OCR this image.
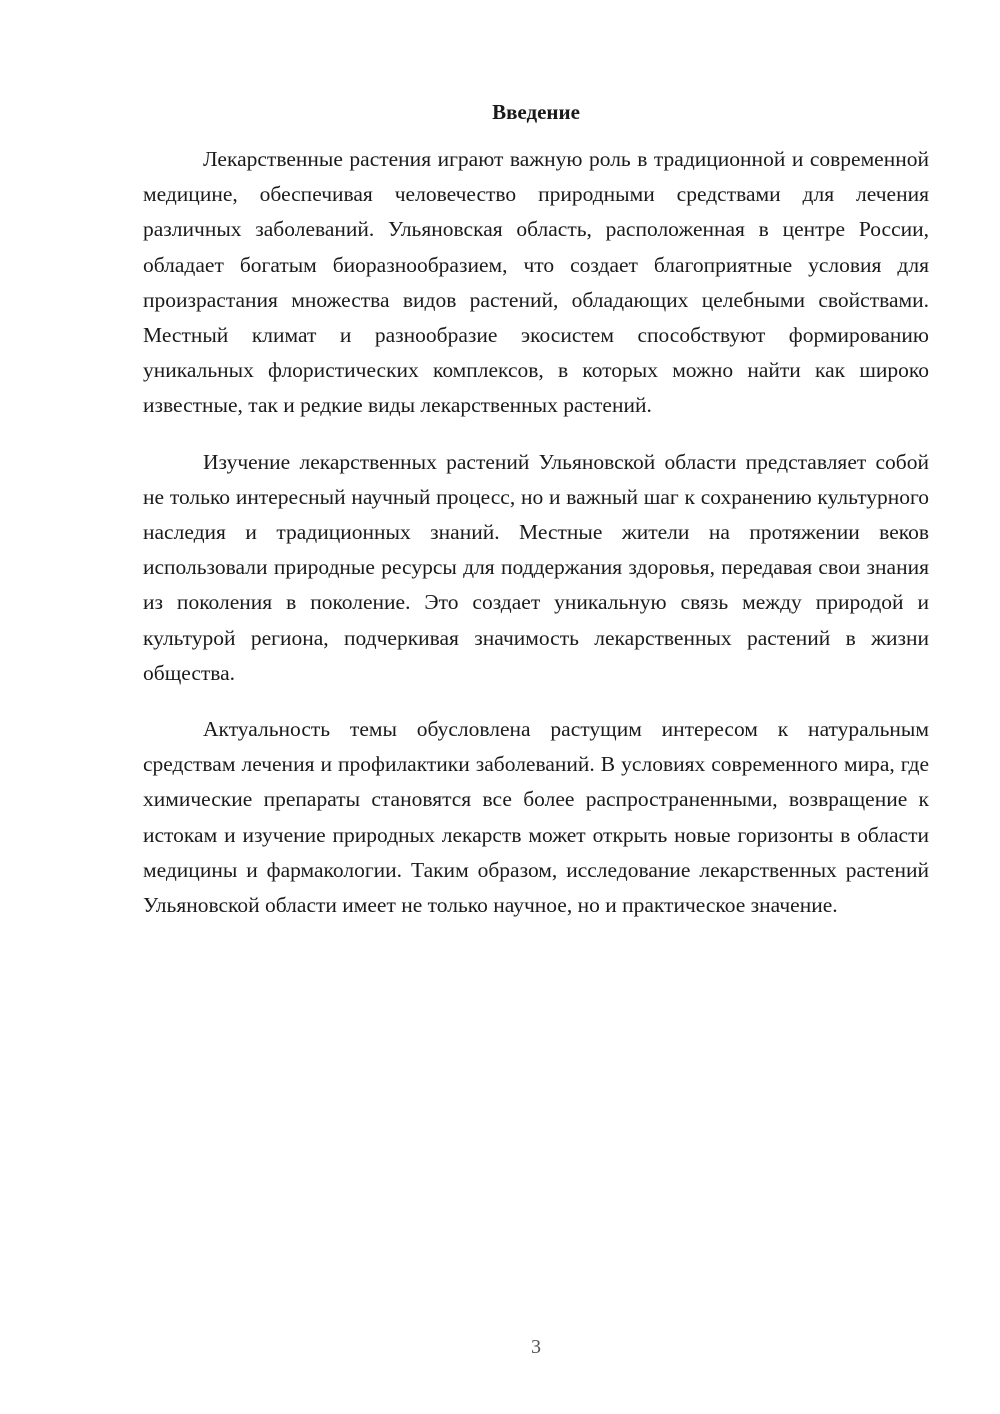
Введение

Лекарственные растения играют важную роль в традиционной и современной медицине, обеспечивая человечество природными средствами для лечения различных заболеваний. Ульяновская область, расположенная в центре России, обладает богатым биоразнообразием, что создает благоприятные условия для произрастания множества видов растений, обладающих целебными свойствами. Местный климат и разнообразие экосистем способствуют формированию уникальных флористических комплексов, в которых можно найти как широко известные, так и редкие виды лекарственных растений.

Изучение лекарственных растений Ульяновской области представляет собой не только интересный научный процесс, но и важный шаг к сохранению культурного наследия и традиционных знаний. Местные жители на протяжении веков использовали природные ресурсы для поддержания здоровья, передавая свои знания из поколения в поколение. Это создает уникальную связь между природой и культурой региона, подчеркивая значимость лекарственных растений в жизни общества.

Актуальность темы обусловлена растущим интересом к натуральным средствам лечения и профилактики заболеваний. В условиях современного мира, где химические препараты становятся все более распространенными, возвращение к истокам и изучение природных лекарств может открыть новые горизонты в области медицины и фармакологии. Таким образом, исследование лекарственных растений Ульяновской области имеет не только научное, но и практическое значение.

3
